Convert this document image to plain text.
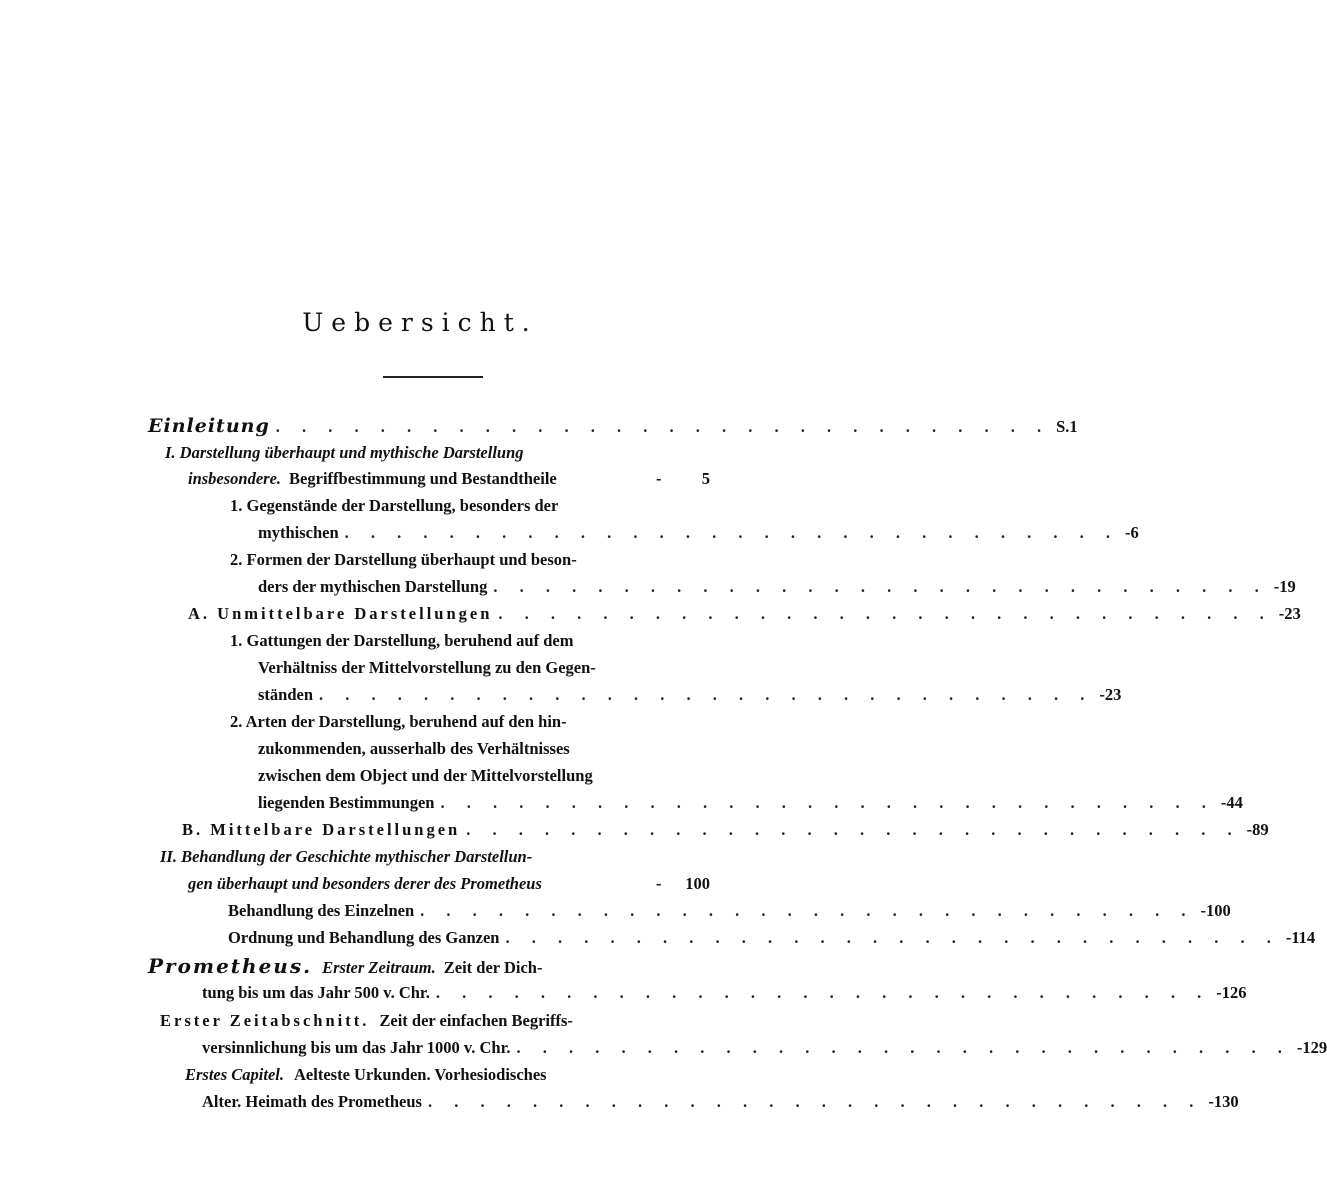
Uebersicht.
Einleitung . . . . . . . . . . . . . . . . . . . . . . . . . . . . . . S. 1
I. Darstellung überhaupt und mythische Darstellung
insbesondere. Begriffbestimmung und Bestandtheile	-	5
1. Gegenstände der Darstellung, besonders der
mythischen . . . . . . . . . . . . . . . . . . . . . . . . . . . . . . - 6
2. Formen der Darstellung überhaupt und beson-
ders der mythischen Darstellung . . . . . . . . . . . . . . . . . . . . . . . . . . . . . . - 19
A. Unmittelbare Darstellungen . . . . . . . . . . . . . . . . . . . . . . . . . . . . . . - 23
1. Gattungen der Darstellung, beruhend auf dem
Verhältniss der Mittelvorstellung zu den Gegen-
ständen . . . . . . . . . . . . . . . . . . . . . . . . . . . . . . - 23
2. Arten der Darstellung, beruhend auf den hin-
zukommenden, ausserhalb des Verhältnisses
zwischen dem Object und der Mittelvorstellung
liegenden Bestimmungen . . . . . . . . . . . . . . . . . . . . . . . . . . . . . . - 44
B. Mittelbare Darstellungen . . . . . . . . . . . . . . . . . . . . . . . . . . . . . . - 89
II. Behandlung der Geschichte mythischer Darstellun-
gen überhaupt und besonders derer des Prometheus	-	100
Behandlung des Einzelnen . . . . . . . . . . . . . . . . . . . . . . . . . . . . . . - 100
Ordnung und Behandlung des Ganzen . . . . . . . . . . . . . . . . . . . . . . . . . . . . . . - 114
Prometheus. Erster Zeitraum. Zeit der Dich-
tung bis um das Jahr 500 v. Chr. . . . . . . . . . . . . . . . . . . . . . . . . . . . . . . - 126
Erster Zeitabschnitt. Zeit der einfachen Begriffs-
versinnlichung bis um das Jahr 1000 v. Chr. . . . . . . . . . . . . . . . . . . . . . . . . . . . . . . - 129
Erstes Capitel. Aelteste Urkunden. Vorhesiodisches
Alter. Heimath des Prometheus . . . . . . . . . . . . . . . . . . . . . . . . . . . . . . - 130
